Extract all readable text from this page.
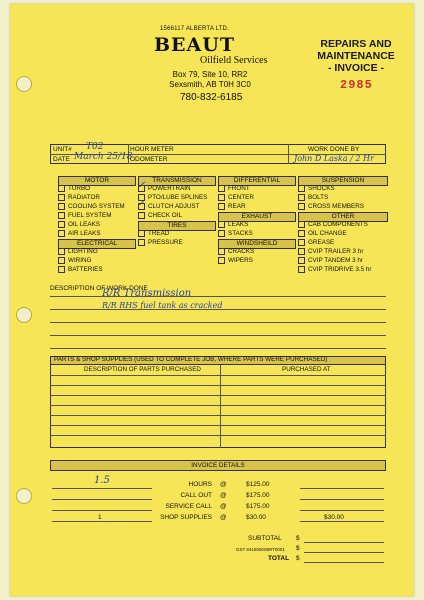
1566117 ALBERTA LTD.
BEAUT
Oilfield Services
Box 79, Site 10, RR2
Sexsmith, AB T0H 3C0
780-832-6185
REPAIRS AND
MAINTENANCE
- INVOICE -
2985
UNIT# T02
DATE March 25/18
HOUR METER
ODOMETER
WORK DONE BY
John D Laska / 2 Hr
MOTOR
TURBO
RADIATOR
COOLING SYSTEM
FUEL SYSTEM
OIL LEAKS
AIR LEAKS
ELECTRICAL
LIGHTING
WIRING
BATTERIES
TRANSMISSION
✓ POWERTRAIN
PTO/LUBE SPLINES
✓ CLUTCH ADJUST
CHECK OIL
TIRES
TREAD
PRESSURE
DIFFERENTIAL
FRONT
CENTER
REAR
EXHAUST
LEAKS
STACKS
WINDSHEILD
CRACKS
WIPERS
SUSPENSION
SHOCKS
BOLTS
CROSS MEMBERS
OTHER
CAB COMPONENTS
OIL CHANGE
GREASE
CVIP TRAILER 3 hr
CVIP TANDEM 3 hr
CVIP TRIDRIVE 3.5 hr
DESCRIPTION OF WORK DONE
R/R Transmission
R/R RHS fuel tank as cracked
PARTS & SHOP SUPPLIES (USED TO COMPLETE JOB, WHERE PARTS WERE PURCHASED)
DESCRIPTION OF PARTS PURCHASED	PURCHASED AT
INVOICE DETAILS
1.5	HOURS @	$125.00
CALL OUT @	$175.00
SERVICE CALL @	$175.00
1	SHOP SUPPLIES @	$30.00	$30.00
SUBTOTAL $
GST 841550006RT0001 $
TOTAL $
